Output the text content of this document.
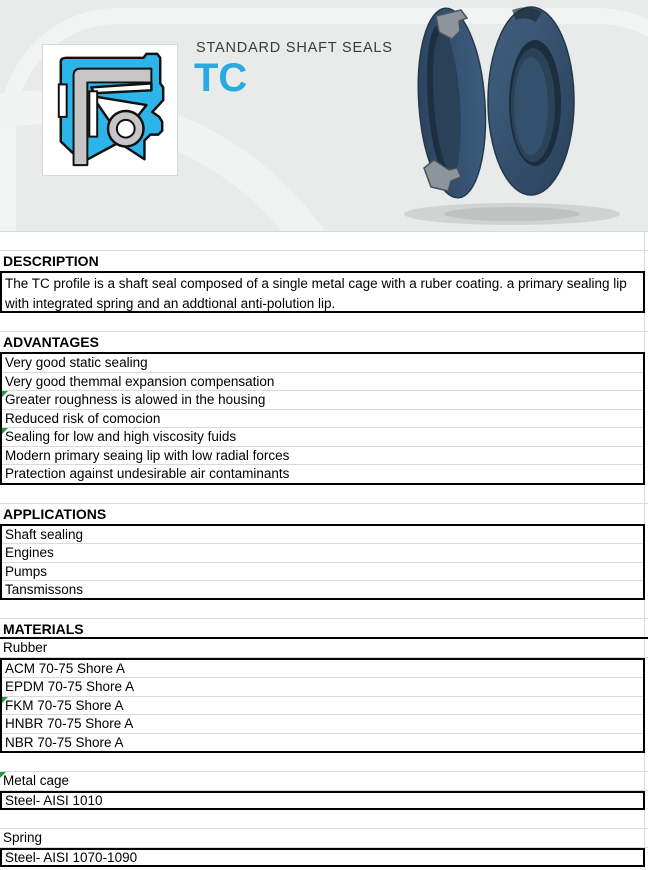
STANDARD SHAFT SEALS
TC
DESCRIPTION
The TC profile is a shaft seal composed of a single metal cage with a ruber coating. a primary sealing lip with integrated spring and an addtional anti-polution lip.
ADVANTAGES
Very good static sealing
Very good themmal expansion compensation
Greater roughness is alowed in the housing
Reduced risk of comocion
Sealing for low and high viscosity fuids
Modern primary seaing lip with low radial forces
Pratection against undesirable air contaminants
APPLICATIONS
Shaft sealing
Engines
Pumps
Tansmissons
MATERIALS
Rubber
ACM 70-75 Shore A
EPDM 70-75 Shore A
FKM 70-75 Shore A
HNBR 70-75 Shore A
NBR 70-75 Shore A
Metal cage
Steel- AISI 1010
Spring
Steel- AISI 1070-1090
